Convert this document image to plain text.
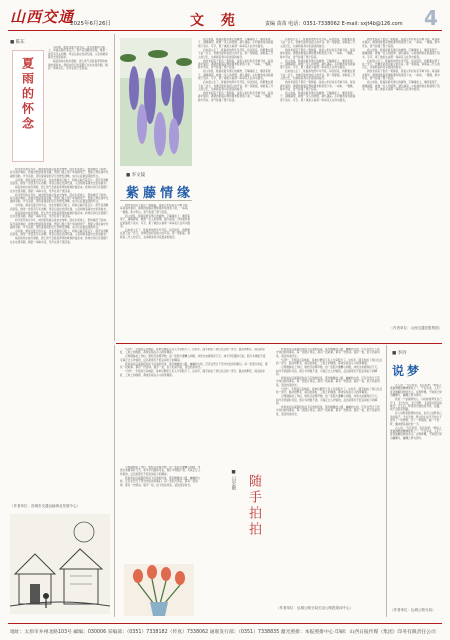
山西交通
2025年6月26日	文 苑	责编 苗苗 电话：0351-7338062 E-mail: sxjt4b@126.com 4
■ 陈东
夏雨的怀念

小时候，最爱在夏日的午后，坐在老屋的门槛上，听雨点敲打着瓦片。那声音清脆而密集，像是一首没有尽头的歌。母亲总是在灶间忙碌，父亲则披着蓑衣去田里看水。

雨后的村庄格外清新，泥土的气息混着青草的味道扑面而来。我和伙伴们光着脚丫在水洼里奔跑，溅起一串串水花，笑声在巷子里回荡。

如今离开故乡多年，城市里的雨总是来去匆匆，落在水泥地上，很快就没了踪迹。每当雨声响起，我便会想起那座老屋，想起门槛上那个听雨的孩子，想起父母在雨中忙碌的身影。岁月流逝，那些夏雨里的记忆却愈发清晰，成为心底最温柔的怀念。

小时候，最爱在夏日的午后，坐在老屋的门槛上，听雨点敲打着瓦片。那声音清脆而密集，像是一首没有尽头的歌。母亲总是在灶间忙碌，父亲则披着蓑衣去田里看水。

雨后的村庄格外清新，泥土的气息混着青草的味道扑面而来。我和伙伴们光着脚丫在水洼里奔跑，溅起一串串水花，笑声在巷子里回荡。

如今离开故乡多年，城市里的雨总是来去匆匆，落在水泥地上，很快就没了踪迹。每当雨声响起，我便会想起那座老屋，想起门槛上那个听雨的孩子，想起父母在雨中忙碌的身影。岁月流逝，那些夏雨里的记忆却愈发清晰，成为心底最温柔的怀念。

小时候，最爱在夏日的午后，坐在老屋的门槛上，听雨点敲打着瓦片。那声音清脆而密集，像是一首没有尽头的歌。母亲总是在灶间忙碌，父亲则披着蓑衣去田里看水。

雨后的村庄格外清新，泥土的气息混着青草的味道扑面而来。我和伙伴们光着脚丫在水洼里奔跑，溅起一串串水花，笑声在巷子里回荡。

如今离开故乡多年，城市里的雨总是来去匆匆，落在水泥地上，很快就没了踪迹。每当雨声响起，我便会想起那座老屋，想起门槛上那个听雨的孩子，想起父母在雨中忙碌的身影。岁月流逝，那些夏雨里的记忆却愈发清晰，成为心底最温柔的怀念。

小时候，最爱在夏日的午后，坐在老屋的门槛上，听雨点敲打着瓦片。那声音清脆而密集，像是一首没有尽头的歌。母亲总是在灶间忙碌，父亲则披着蓑衣去田里看水。

雨后的村庄格外清新，泥土的气息混着青草的味道扑面而来。我和伙伴们光着脚丫在水洼里奔跑，溅起一串串水花，笑声在巷子里回荡。

（作者单位：晋城市交通运输事业发展中心）
■ 李文镜
紫藤情缘

我的老家院子里有一架紫藤，是祖父年轻时亲手种下的。每到春末夏初，满架的紫藤花便如瀑布般垂落下来，一串串，一簇簇，紫中带白，香气弥漫了整个院落。

祖父常说，紫藤是最有情义的植物，它攀援而上，缠绕着架子，越缠越紧，就像一家人的感情，越久越深。小时候我常在紫藤架下读书、写字，累了就抬头看那一串串花儿在风中摇曳。

后来祖父走了，紫藤却依然年年开花。每次回家，我都要在架下站一会儿，仿佛还能听到祖父的声音。那一架紫藤，承载着三代人的记忆，也承载着我对家最深的眷恋。

祖父常说，紫藤是最有情义的植物，它攀援而上，缠绕着架子，越缠越紧，就像一家人的感情，越久越深。小时候我常在紫藤架下读书、写字，累了就抬头看那一串串花儿在风中摇曳。

后来祖父走了，紫藤却依然年年开花。每次回家，我都要在架下站一会儿，仿佛还能听到祖父的声音。那一架紫藤，承载着三代人的记忆，也承载着我对家最深的眷恋。

我的老家院子里有一架紫藤，是祖父年轻时亲手种下的。每到春末夏初，满架的紫藤花便如瀑布般垂落下来，一串串，一簇簇，紫中带白，香气弥漫了整个院落。

祖父常说，紫藤是最有情义的植物，它攀援而上，缠绕着架子，越缠越紧，就像一家人的感情，越久越深。小时候我常在紫藤架下读书、写字，累了就抬头看那一串串花儿在风中摇曳。

后来祖父走了，紫藤却依然年年开花。每次回家，我都要在架下站一会儿，仿佛还能听到祖父的声音。那一架紫藤，承载着三代人的记忆，也承载着我对家最深的眷恋。

我的老家院子里有一架紫藤，是祖父年轻时亲手种下的。每到春末夏初，满架的紫藤花便如瀑布般垂落下来，一串串，一簇簇，紫中带白，香气弥漫了整个院落。

后来祖父走了，紫藤却依然年年开花。每次回家，我都要在架下站一会儿，仿佛还能听到祖父的声音。那一架紫藤，承载着三代人的记忆，也承载着我对家最深的眷恋。

我的老家院子里有一架紫藤，是祖父年轻时亲手种下的。每到春末夏初，满架的紫藤花便如瀑布般垂落下来，一串串，一簇簇，紫中带白，香气弥漫了整个院落。

祖父常说，紫藤是最有情义的植物，它攀援而上，缠绕着架子，越缠越紧，就像一家人的感情，越久越深。小时候我常在紫藤架下读书、写字，累了就抬头看那一串串花儿在风中摇曳。

后来祖父走了，紫藤却依然年年开花。每次回家，我都要在架下站一会儿，仿佛还能听到祖父的声音。那一架紫藤，承载着三代人的记忆，也承载着我对家最深的眷恋。

我的老家院子里有一架紫藤，是祖父年轻时亲手种下的。每到春末夏初，满架的紫藤花便如瀑布般垂落下来，一串串，一簇簇，紫中带白，香气弥漫了整个院落。

祖父常说，紫藤是最有情义的植物，它攀援而上，缠绕着架子，越缠越紧，就像一家人的感情，越久越深。小时候我常在紫藤架下读书、写字，累了就抬头看那一串串花儿在风中摇曳。

我的老家院子里有一架紫藤，是祖父年轻时亲手种下的。每到春末夏初，满架的紫藤花便如瀑布般垂落下来，一串串，一簇簇，紫中带白，香气弥漫了整个院落。

祖父常说，紫藤是最有情义的植物，它攀援而上，缠绕着架子，越缠越紧，就像一家人的感情，越久越深。小时候我常在紫藤架下读书、写字，累了就抬头看那一串串花儿在风中摇曳。

后来祖父走了，紫藤却依然年年开花。每次回家，我都要在架下站一会儿，仿佛还能听到祖父的声音。那一架紫藤，承载着三代人的记忆，也承载着我对家最深的眷恋。

我的老家院子里有一架紫藤，是祖父年轻时亲手种下的。每到春末夏初，满架的紫藤花便如瀑布般垂落下来，一串串，一簇簇，紫中带白，香气弥漫了整个院落。

祖父常说，紫藤是最有情义的植物，它攀援而上，缠绕着架子，越缠越紧，就像一家人的感情，越久越深。小时候我常在紫藤架下读书、写字，累了就抬头看那一串串花儿在风中摇曳。

（作者单位：山西交通控股集团）

"叮咚"，手机提示音响起，是单位群里又有人分享照片了。这些年，随手拍成了我们生活的一部分，路边的野花、雨后的彩虹、工地上的晚霞，都被定格在小小的屏幕里。

记得刚参加工作时，相机还是稀罕物，拍一张照片要精心构图，冲洗出来要等好几天。如今手机随时可拍，照片多得数不清，可真正让人珍惜的，反而是那些不经意间拍下的瞬间。

我常常在巡查路段时拍下沿途的风景，那些蜿蜒的公路、巍峨的大桥，还有在烈日下坚守岗位的同事们。每一张照片背后，都有一段故事，都有一份感动。随手一拍，拍下的是风景，留住的是时光。

"叮咚"，手机提示音响起，是单位群里又有人分享照片了。这些年，随手拍成了我们生活的一部分，路边的野花、雨后的彩虹、工地上的晚霞，都被定格在小小的屏幕里。

记得刚参加工作时，相机还是稀罕物，拍一张照片要精心构图，冲洗出来要等好几天。如今手机随时可拍，照片多得数不清，可真正让人珍惜的，反而是那些不经意间拍下的瞬间。

我常常在巡查路段时拍下沿途的风景，那些蜿蜒的公路、巍峨的大桥，还有在烈日下坚守岗位的同事们。每一张照片背后，都有一段故事，都有一份感动。随手一拍，拍下的是风景，留住的是时光。	■ 吕宏艳 随手拍拍

我常常在巡查路段时拍下沿途的风景，那些蜿蜒的公路、巍峨的大桥，还有在烈日下坚守岗位的同事们。每一张照片背后，都有一段故事，都有一份感动。随手一拍，拍下的是风景，留住的是时光。

"叮咚"，手机提示音响起，是单位群里又有人分享照片了。这些年，随手拍成了我们生活的一部分，路边的野花、雨后的彩虹、工地上的晚霞，都被定格在小小的屏幕里。

记得刚参加工作时，相机还是稀罕物，拍一张照片要精心构图，冲洗出来要等好几天。如今手机随时可拍，照片多得数不清，可真正让人珍惜的，反而是那些不经意间拍下的瞬间。

我常常在巡查路段时拍下沿途的风景，那些蜿蜒的公路、巍峨的大桥，还有在烈日下坚守岗位的同事们。每一张照片背后，都有一段故事，都有一份感动。随手一拍，拍下的是风景，留住的是时光。

"叮咚"，手机提示音响起，是单位群里又有人分享照片了。这些年，随手拍成了我们生活的一部分，路边的野花、雨后的彩虹、工地上的晚霞，都被定格在小小的屏幕里。

记得刚参加工作时，相机还是稀罕物，拍一张照片要精心构图，冲洗出来要等好几天。如今手机随时可拍，照片多得数不清，可真正让人珍惜的，反而是那些不经意间拍下的瞬间。

我常常在巡查路段时拍下沿途的风景，那些蜿蜒的公路、巍峨的大桥，还有在烈日下坚守岗位的同事们。每一张照片背后，都有一段故事，都有一份感动。随手一拍，拍下的是风景，留住的是时光。

（作者单位：运城公路分局长治公路段第四中心）
■ 李玲
说梦

古人说："日有所思，夜有所梦。"梦是人类最神秘的精神现象之一，千百年来，人们一直试图解读梦的含义。庄周梦蝶，不知周之梦为蝴蝶与，蝴蝶之梦为周与。

我是一个爱做梦的人。小时候常梦见自己会飞，飞过村庄，飞过田野，飞到很远很远的地方。长大后，梦里常出现的是考试、赶路、找不到回家的路。

有人说梦是愿望的达成，也有人说梦是心灵的镜子。无论怎样，梦让我们在平凡的日子里多了一份想象，多了一份期待。做一个好梦，醒来便是美好的一天。

古人说："日有所思，夜有所梦。"梦是人类最神秘的精神现象之一，千百年来，人们一直试图解读梦的含义。庄周梦蝶，不知周之梦为蝴蝶与，蝴蝶之梦为周与。

（作者单位：运城公路分局）
地址：太原市并州北路103号 邮编：030006 采编部：（0351）7338182（传真）7338062 通联发行部：（0351）7338835 激光照排：本报照排中心 印刷：山西日报传媒（集团）印务有限责任公司
